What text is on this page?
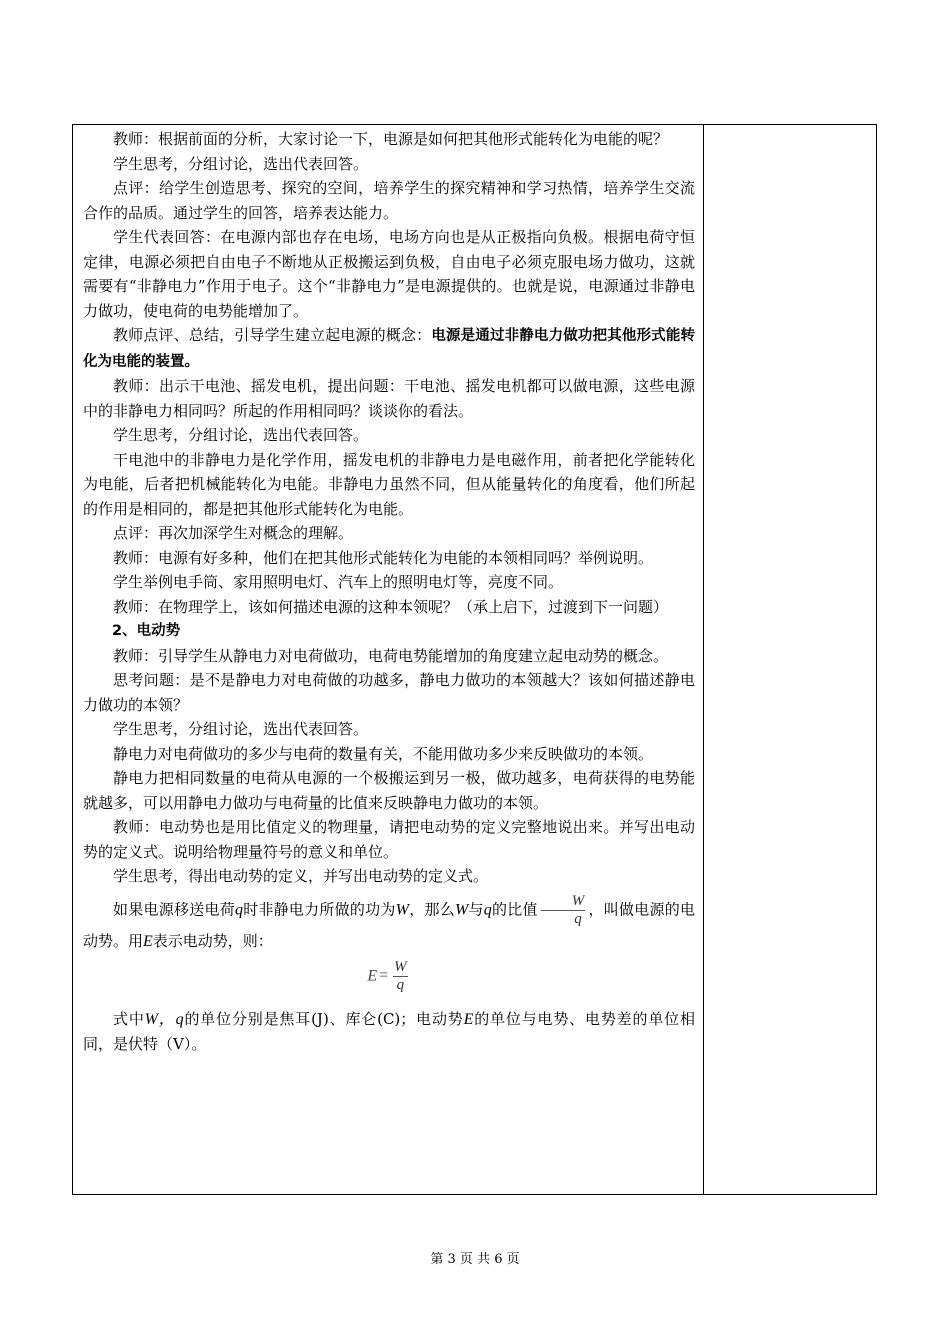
教师：根据前面的分析，大家讨论一下，电源是如何把其他形式能转化为电能的呢？

学生思考，分组讨论，选出代表回答。

点评：给学生创造思考、探究的空间，培养学生的探究精神和学习热情，培养学生交流合作的品质。通过学生的回答，培养表达能力。

学生代表回答：在电源内部也存在电场，电场方向也是从正极指向负极。根据电荷守恒定律，电源必须把自由电子不断地从正极搬运到负极，自由电子必须克服电场力做功，这就需要有“非静电力”作用于电子。这个“非静电力”是电源提供的。也就是说，电源通过非静电力做功，使电荷的电势能增加了。

教师点评、总结，引导学生建立起电源的概念：电源是通过非静电力做功把其他形式能转化为电能的装置。

教师：出示干电池、摇发电机，提出问题：干电池、摇发电机都可以做电源，这些电源中的非静电力相同吗？所起的作用相同吗？谈谈你的看法。

学生思考，分组讨论，选出代表回答。

干电池中的非静电力是化学作用，摇发电机的非静电力是电磁作用，前者把化学能转化为电能，后者把机械能转化为电能。非静电力虽然不同，但从能量转化的角度看，他们所起的作用是相同的，都是把其他形式能转化为电能。

点评：再次加深学生对概念的理解。

教师：电源有好多种，他们在把其他形式能转化为电能的本领相同吗？举例说明。

学生举例电手筒、家用照明电灯、汽车上的照明电灯等，亮度不同。

教师：在物理学上，该如何描述电源的这种本领呢？（承上启下，过渡到下一问题）

2、电动势

教师：引导学生从静电力对电荷做功，电荷电势能增加的角度建立起电动势的概念。

思考问题：是不是静电力对电荷做的功越多，静电力做功的本领越大？该如何描述静电力做功的本领？

学生思考，分组讨论，选出代表回答。

静电力对电荷做功的多少与电荷的数量有关，不能用做功多少来反映做功的本领。

静电力把相同数量的电荷从电源的一个极搬运到另一极，做功越多，电荷获得的电势能就越多，可以用静电力做功与电荷量的比值来反映静电力做功的本领。

教师：电动势也是用比值定义的物理量，请把电动势的定义完整地说出来。并写出电动势的定义式。说明给物理量符号的意义和单位。

学生思考，得出电动势的定义，并写出电动势的定义式。

如果电源移送电荷q时非静电力所做的功为W，那么W与q的比值 $\frac{W}{q}$ ，叫做电源的电动势。用E表示电动势，则：

$E = \frac{W}{q}$

式中W，q的单位分别是焦耳(J)、库仑(C)；电动势E的单位与电势、电势差的单位相同，是伏特（V）。

第 3 页 共 6 页
